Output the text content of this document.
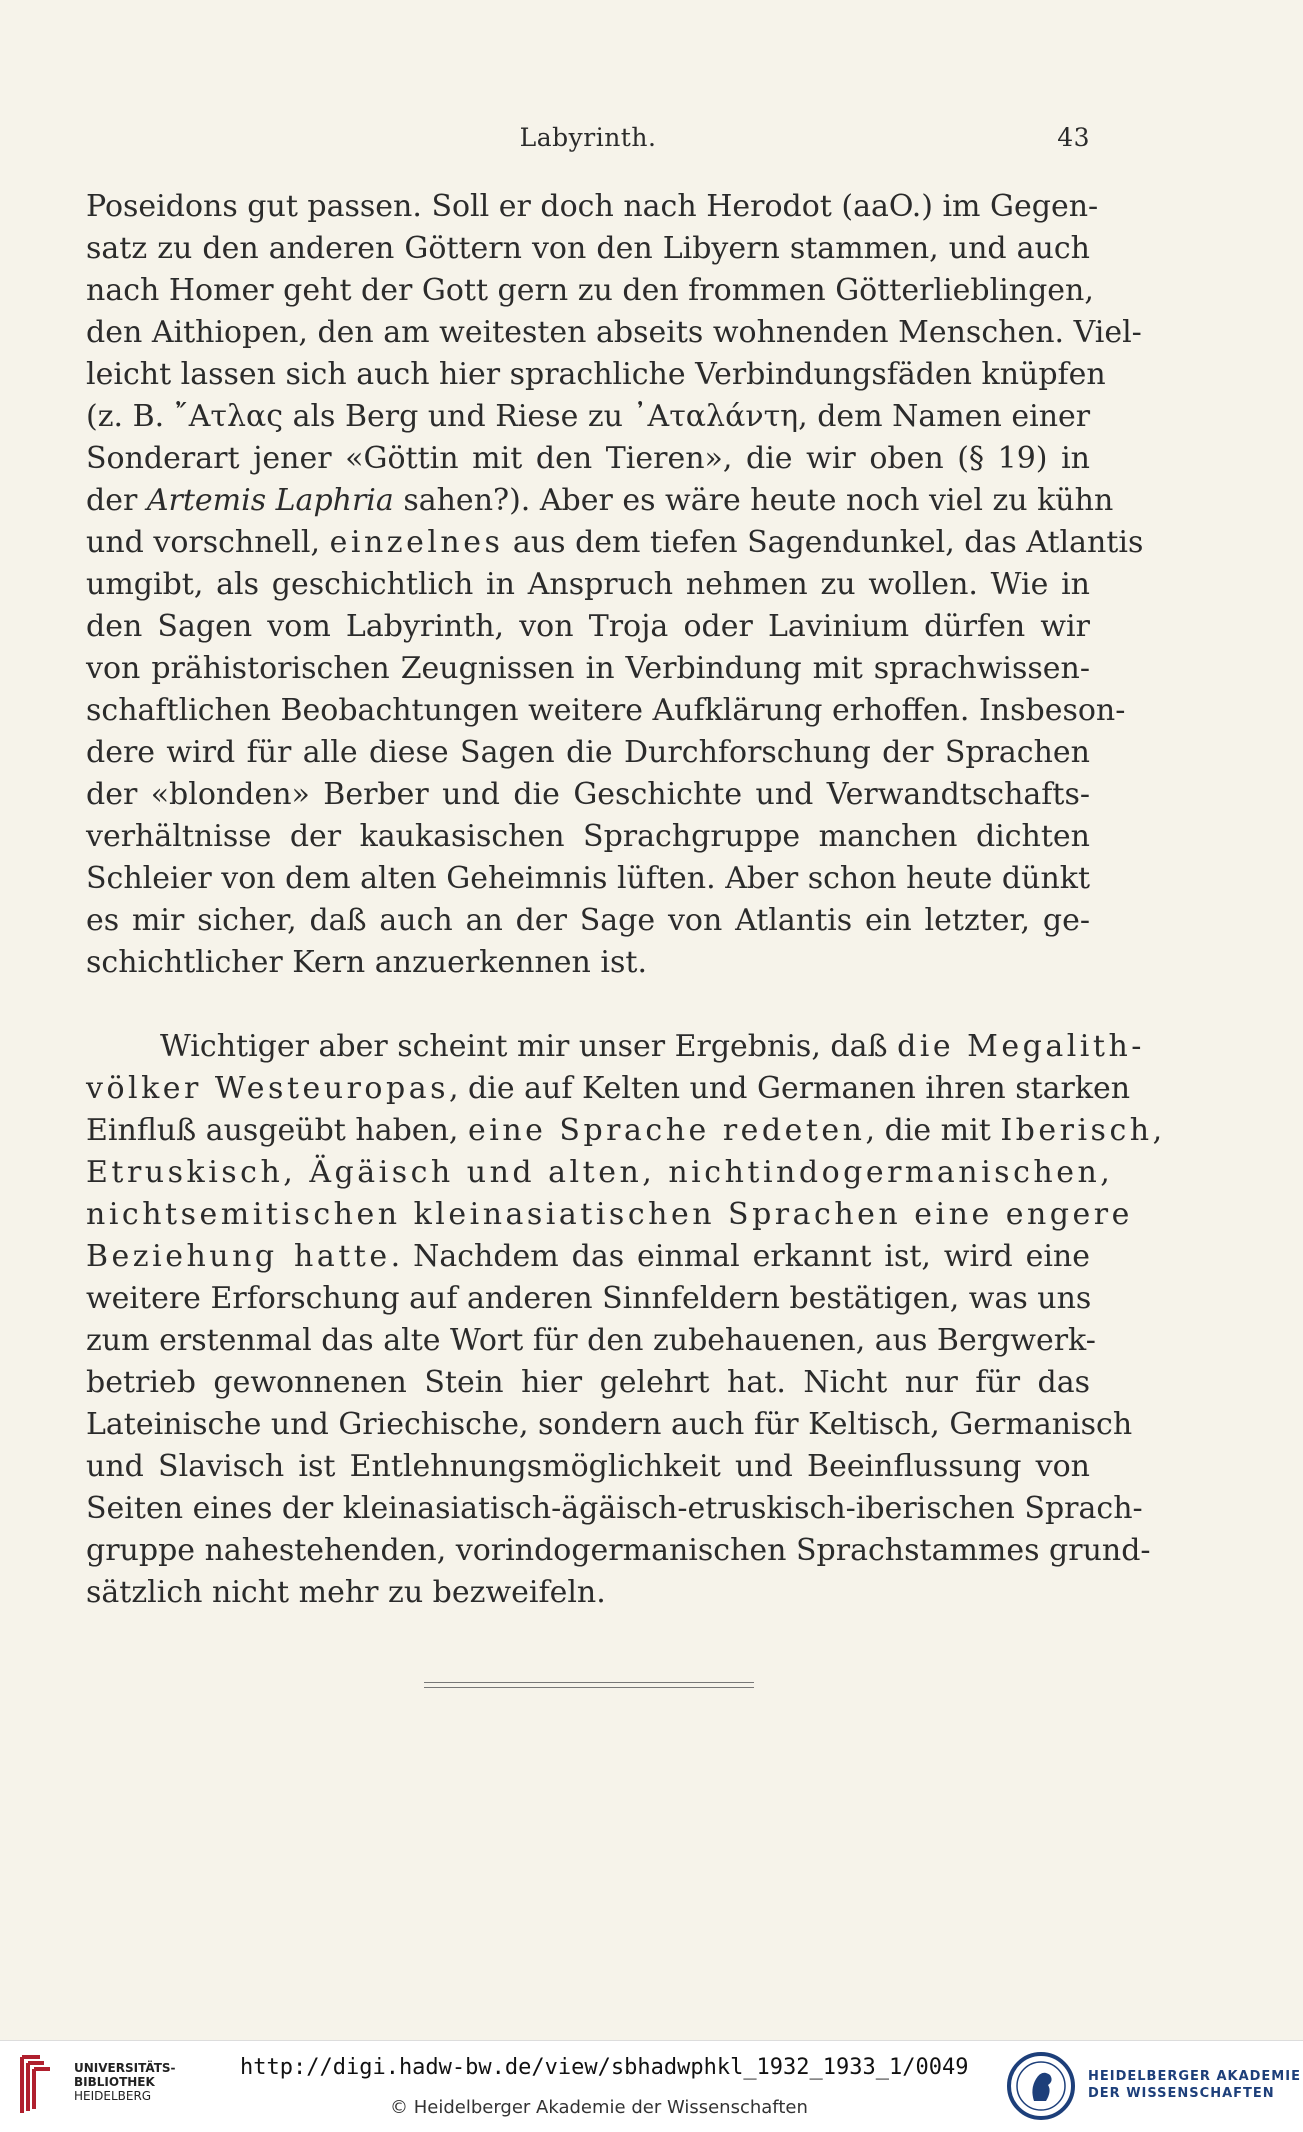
Labyrinth.	43
Poseidons gut passen. Soll er doch nach Herodot (aaO.) im Gegen-
satz zu den anderen Göttern von den Libyern stammen, und auch
nach Homer geht der Gott gern zu den frommen Götterlieblingen,
den Aithiopen, den am weitesten abseits wohnenden Menschen. Viel-
leicht lassen sich auch hier sprachliche Verbindungsfäden knüpfen
(z. B. ῎Ατλας als Berg und Riese zu ᾿Αταλάντη, dem Namen einer
Sonderart jener «Göttin mit den Tieren», die wir oben (§ 19) in
der Artemis Laphria sahen?). Aber es wäre heute noch viel zu kühn
und vorschnell, einzelnes aus dem tiefen Sagendunkel, das Atlantis
umgibt, als geschichtlich in Anspruch nehmen zu wollen. Wie in
den Sagen vom Labyrinth, von Troja oder Lavinium dürfen wir
von prähistorischen Zeugnissen in Verbindung mit sprachwissen-
schaftlichen Beobachtungen weitere Aufklärung erhoffen. Insbeson-
dere wird für alle diese Sagen die Durchforschung der Sprachen
der «blonden» Berber und die Geschichte und Verwandtschafts-
verhältnisse der kaukasischen Sprachgruppe manchen dichten
Schleier von dem alten Geheimnis lüften. Aber schon heute dünkt
es mir sicher, daß auch an der Sage von Atlantis ein letzter, ge-
schichtlicher Kern anzuerkennen ist.
Wichtiger aber scheint mir unser Ergebnis, daß die Megalith-
völker Westeuropas, die auf Kelten und Germanen ihren starken
Einfluß ausgeübt haben, eine Sprache redeten, die mit Iberisch,
Etruskisch, Ägäisch und alten, nichtindogermanischen,
nichtsemitischen kleinasiatischen Sprachen eine engere
Beziehung hatte. Nachdem das einmal erkannt ist, wird eine
weitere Erforschung auf anderen Sinnfeldern bestätigen, was uns
zum erstenmal das alte Wort für den zubehauenen, aus Bergwerk-
betrieb gewonnenen Stein hier gelehrt hat. Nicht nur für das
Lateinische und Griechische, sondern auch für Keltisch, Germanisch
und Slavisch ist Entlehnungsmöglichkeit und Beeinflussung von
Seiten eines der kleinasiatisch-ägäisch-etruskisch-iberischen Sprach-
gruppe nahestehenden, vorindogermanischen Sprachstammes grund-
sätzlich nicht mehr zu bezweifeln.
UNIVERSITÄTS-
BIBLIOTHEK
HEIDELBERG
http://digi.hadw-bw.de/view/sbhadwphkl_1932_1933_1/0049
© Heidelberger Akademie der Wissenschaften
HEIDELBERGER AKADEMIE
DER WISSENSCHAFTEN
